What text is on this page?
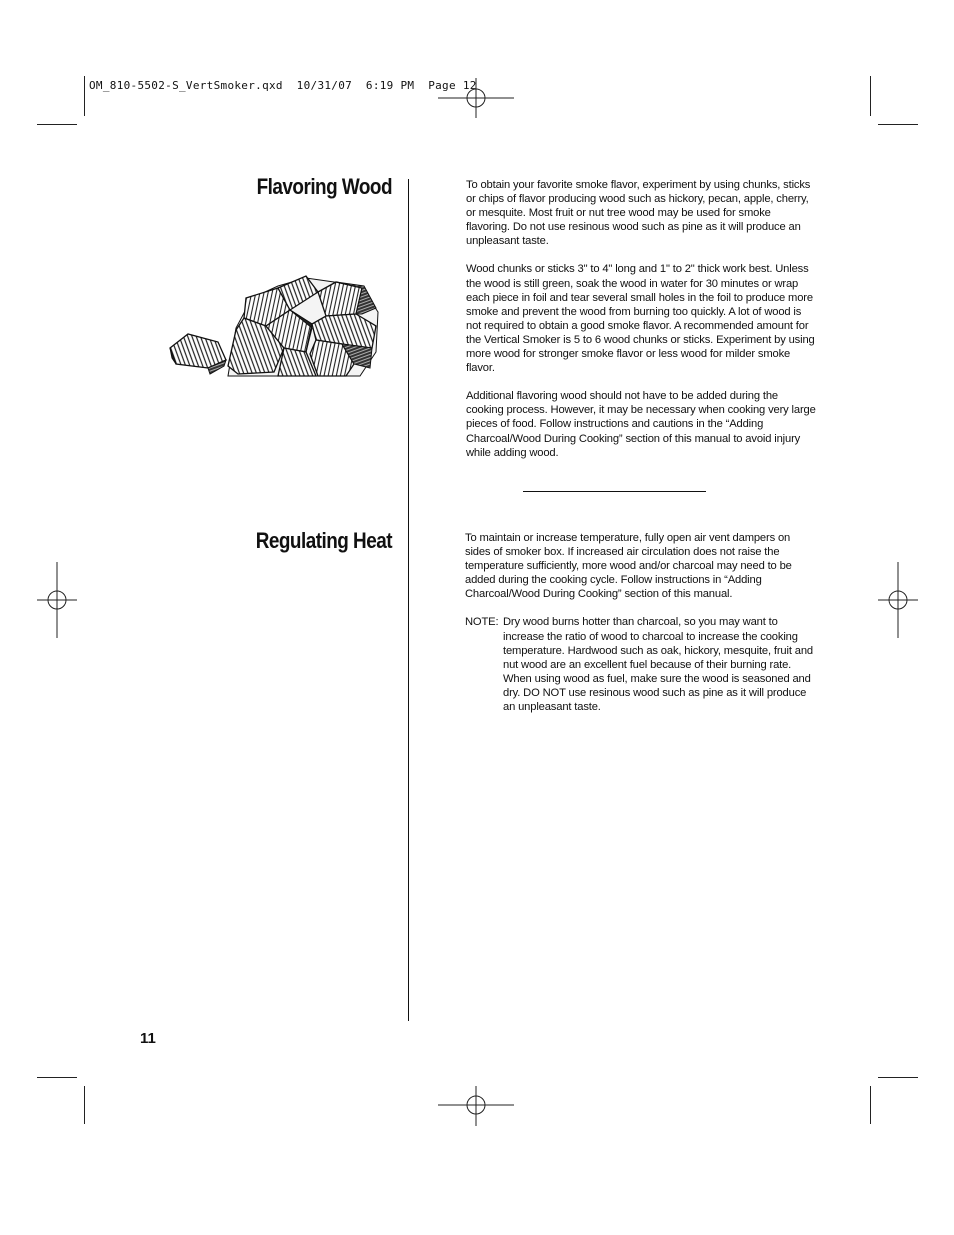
OM_810-5502-S_VertSmoker.qxd  10/31/07  6:19 PM  Page 12
Flavoring Wood	To obtain your favorite smoke flavor, experiment by using chunks, sticks or chips of flavor producing wood such as hickory, pecan, apple, cherry, or mesquite. Most fruit or nut tree wood may be used for smoke flavoring. Do not use resinous wood such as pine as it will produce an unpleasant taste.

Wood chunks or sticks 3" to 4" long and 1" to 2" thick work best. Unless the wood is still green, soak the wood in water for 30 minutes or wrap each piece in foil and tear several small holes in the foil to produce more smoke and prevent the wood from burning too quickly. A lot of wood is not required to obtain a good smoke flavor. A recommended amount for the Vertical Smoker is 5 to 6 wood chunks or sticks. Experiment by using more wood for stronger smoke flavor or less wood for milder smoke flavor.

Additional flavoring wood should not have to be added during the cooking process. However, it may be necessary when cooking very large pieces of food. Follow instructions and cautions in the “Adding Charcoal/Wood During Cooking” section of this manual to avoid injury while adding wood.

Regulating Heat	To maintain or increase temperature, fully open air vent dampers on sides of smoker box. If increased air circulation does not raise the temperature sufficiently, more wood and/or charcoal may need to be added during the cooking cycle. Follow instructions in “Adding Charcoal/Wood During Cooking” section of this manual.

NOTE: Dry wood burns hotter than charcoal, so you may want to increase the ratio of wood to charcoal to increase the cooking temperature. Hardwood such as oak, hickory, mesquite, fruit and nut wood are an excellent fuel because of their burning rate. When using wood as fuel, make sure the wood is seasoned and dry. DO NOT use resinous wood such as pine as it will produce an unpleasant taste.
11
